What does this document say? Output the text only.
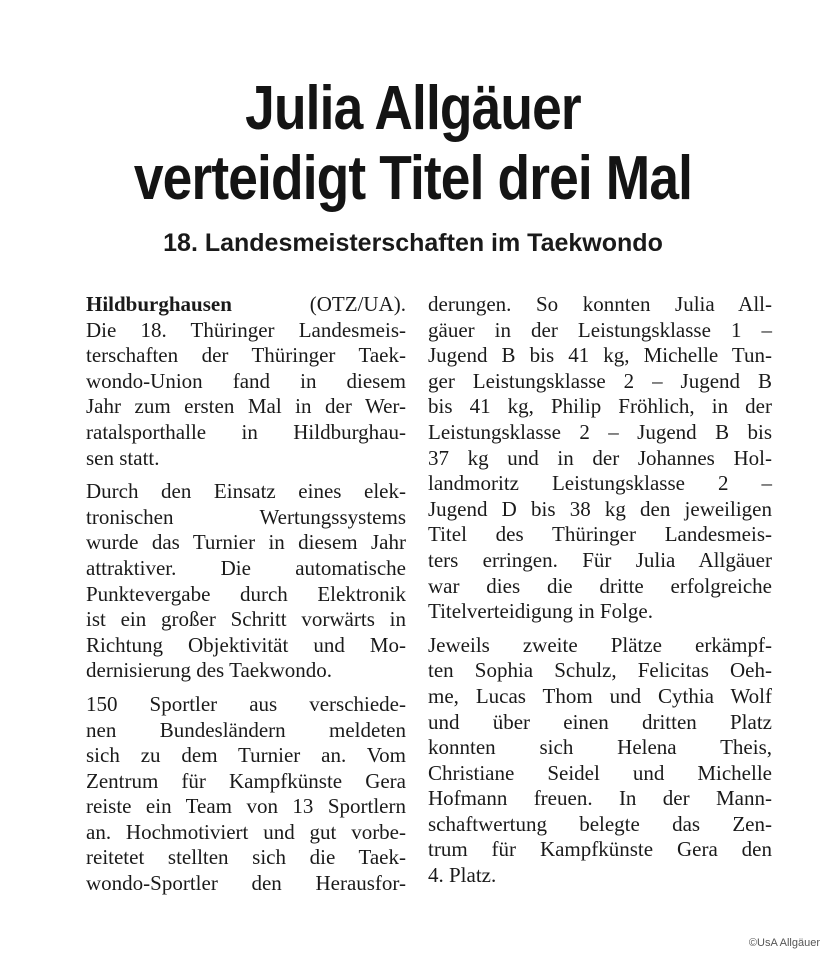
Julia Allgäuer
verteidigt Titel drei Mal
18. Landesmeisterschaften im Taekwondo
Hildburghausen	(OTZ/UA).
Die 18. Thüringer Landesmeis-
terschaften der Thüringer Taek-
wondo-Union fand in diesem
Jahr zum ersten Mal in der Wer-
ratalsporthalle in Hildburghau-
sen statt.
Durch den Einsatz eines elek-
tronischen Wertungssystems
wurde das Turnier in diesem Jahr
attraktiver. Die automatische
Punktevergabe durch Elektronik
ist ein großer Schritt vorwärts in
Richtung Objektivität und Mo-
dernisierung des Taekwondo.
150 Sportler aus verschiede-
nen Bundesländern meldeten
sich zu dem Turnier an. Vom
Zentrum für Kampfkünste Gera
reiste ein Team von 13 Sportlern
an. Hochmotiviert und gut vorbe-
reitetet stellten sich die Taek-
wondo-Sportler den Herausfor-
derungen. So konnten Julia All-
gäuer in der Leistungsklasse 1 –
Jugend B bis 41 kg, Michelle Tun-
ger Leistungsklasse 2 – Jugend B
bis 41 kg, Philip Fröhlich, in der
Leistungsklasse 2 – Jugend B bis
37 kg und in der Johannes Hol-
landmoritz Leistungsklasse 2 –
Jugend D bis 38 kg den jeweiligen
Titel des Thüringer Landesmeis-
ters erringen. Für Julia Allgäuer
war dies die dritte erfolgreiche
Titelverteidigung in Folge.
Jeweils zweite Plätze erkämpf-
ten Sophia Schulz, Felicitas Oeh-
me, Lucas Thom und Cythia Wolf
und über einen dritten Platz
konnten sich Helena Theis,
Christiane Seidel und Michelle
Hofmann freuen. In der Mann-
schaftwertung belegte das Zen-
trum für Kampfkünste Gera den
4. Platz.
©UsA Allgäuer
